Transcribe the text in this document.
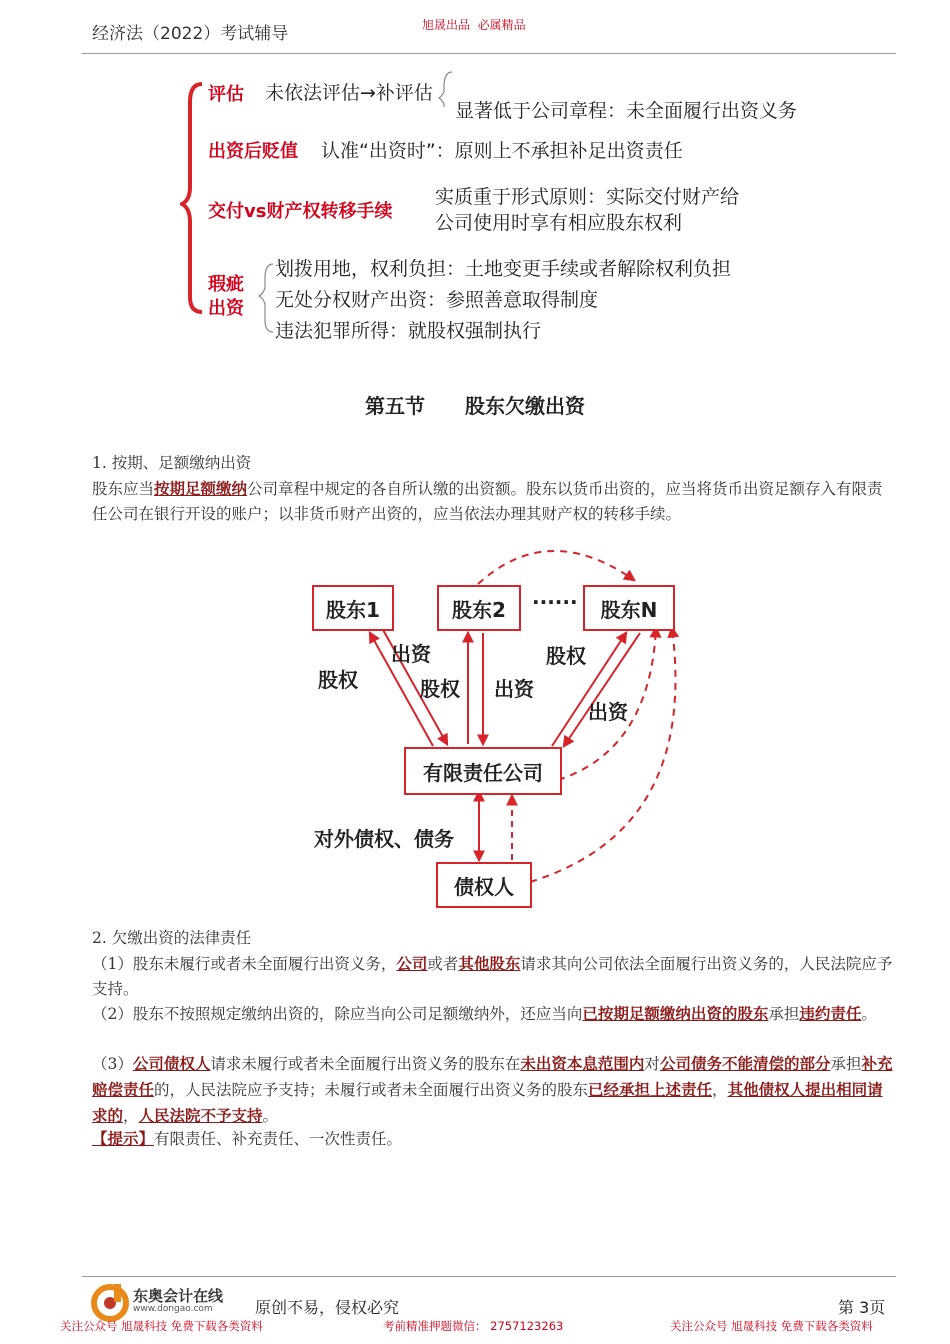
经济法（2022）考试辅导	旭晟出品  必属精品
评估 未依法评估→补评估
显著低于公司章程：未全面履行出资义务
出资后贬值 认准“出资时”：原则上不承担补足出资责任
交付vs财产权转移手续
实质重于形式原则：实际交付财产给
公司使用时享有相应股东权利
瑕疵
出资
划拨用地，权利负担：土地变更手续或者解除权利负担
无处分权财产出资：参照善意取得制度
违法犯罪所得：就股权强制执行
第五节　　股东欠缴出资
1. 按期、足额缴纳出资
股东应当按期足额缴纳公司章程中规定的各自所认缴的出资额。股东以货币出资的，应当将货币出资足额存入有限责任公司在银行开设的账户；以非货币财产出资的，应当依法办理其财产权的转移手续。
股东1	股东2 ······ 股东N
有限责任公司
债权人
股权
出资
股权 出资
股权
出资
对外债权、债务
2. 欠缴出资的法律责任
（1）股东未履行或者未全面履行出资义务，公司或者其他股东请求其向公司依法全面履行出资义务的，人民法院应予支持。
（2）股东不按照规定缴纳出资的，除应当向公司足额缴纳外，还应当向已按期足额缴纳出资的股东承担违约责任。
（3）公司债权人请求未履行或者未全面履行出资义务的股东在未出资本息范围内对公司债务不能清偿的部分承担补充赔偿责任的，人民法院应予支持；未履行或者未全面履行出资义务的股东已经承担上述责任，其他债权人提出相同请求的，人民法院不予支持。
【提示】有限责任、补充责任、一次性责任。
东奥会计在线
www.dongao.com	原创不易，侵权必究	第 3页
关注公众号 旭晟科技 免费下载各类资料	考前精准押题微信： 2757123263	关注公众号 旭晟科技 免费下载各类资料
